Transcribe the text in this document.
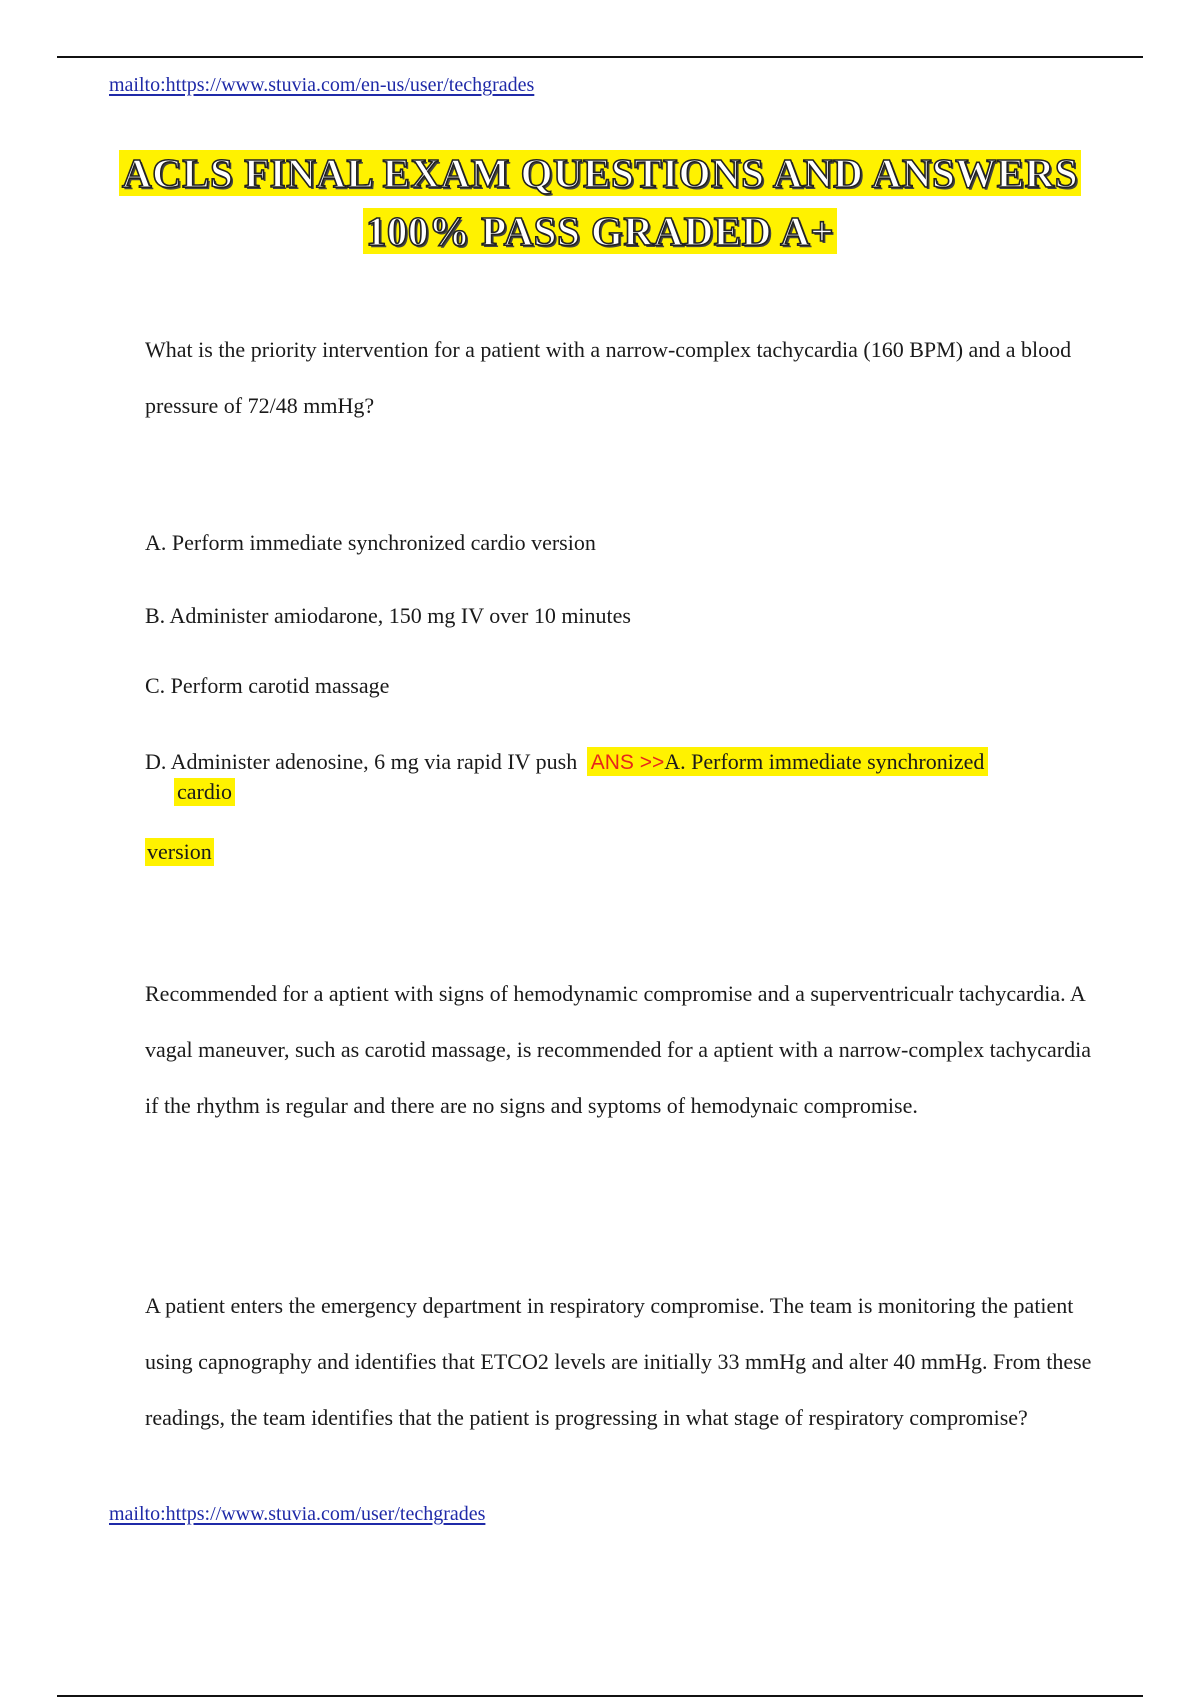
mailto:https://www.stuvia.com/en-us/user/techgrades
ACLS FINAL EXAM QUESTIONS AND ANSWERS
100% PASS GRADED A+
What is the priority intervention for a patient with a narrow-complex tachycardia (160 BPM) and a blood pressure of 72/48 mmHg?
A. Perform immediate synchronized cardio version
B. Administer amiodarone, 150 mg IV over 10 minutes
C. Perform carotid massage
D. Administer adenosine, 6 mg via rapid IV push ANS >>A. Perform immediate synchronized
cardio
version
Recommended for a aptient with signs of hemodynamic compromise and a superventricualr tachycardia. A vagal maneuver, such as carotid massage, is recommended for a aptient with a narrow-complex tachycardia if the rhythm is regular and there are no signs and syptoms of hemodynaic compromise.
A patient enters the emergency department in respiratory compromise. The team is monitoring the patient using capnography and identifies that ETCO2 levels are initially 33 mmHg and alter 40 mmHg. From these readings, the team identifies that the patient is progressing in what stage of respiratory compromise?
mailto:https://www.stuvia.com/user/techgrades
